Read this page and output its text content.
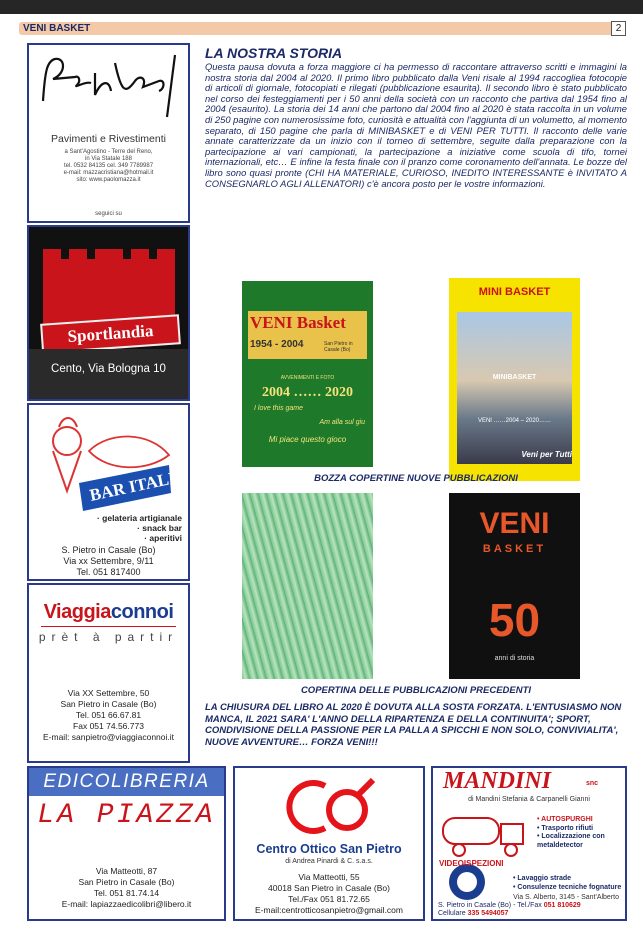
VENI BASKET	2
PaoloMazza
Pavimenti e Rivestimenti
a Sant'Agostino - Terre del Reno,
in Via Statale 188
tel. 0532 84135 cel. 349 7789987
e-mail: mazzacristiana@hotmail.it
sito: www.paolomazza.it
seguici su
Sportlandia
Cento, Via Bologna 10
BAR ITALIA
· gelateria artigianale
· snack bar
· aperitivi
S. Pietro in Casale (Bo)
Via xx Settembre, 9/11
Tel. 051 817400
Viaggiaconnoi
prèt à partir
Via XX Settembre, 50
San Pietro in Casale (Bo)
Tel. 051 66.67.81
Fax 051 74.56.773
E-mail: sanpietro@viaggiaconnoi.it
LA NOSTRA STORIA
Questa pausa dovuta a forza maggiore ci ha permesso di raccontare attraverso scritti e immagini la nostra storia dal 2004 al 2020. Il primo libro pubblicato dalla Veni risale al 1994 raccogliea fotocopie di articoli di giornale, fotocopiati e rilegati (pubblicazione esaurita). Il secondo libro è stato pubblicato nel corso dei festeggiamenti per i 50 anni della società con un racconto che partiva dal 1954 fino al 2004 (esaurito). La storia dei 14 anni che partono dal 2004 fino al 2020 è stata raccolta in un volume di 250 pagine con numerosissime foto, curiosità e attualità con l'aggiunta di un volumetto, al momento separato, di 150 pagine che parla di MINIBASKET e di VENI PER TUTTI. Il racconto delle varie annate caratterizzate da un inizio con il torneo di settembre, seguite dalla preparazione con la partecipazione ai vari campionati, la partecipazione a iniziative come scuola di tifo, tornei internazionali, etc… E infine la festa finale con il pranzo come coronamento dell'annata. Le bozze del libro sono quasi pronte (CHI HA MATERIALE, CURIOSO, INEDITO INTERESSANTE è INVITATO A CONSEGNARLO AGLI ALLENATORI) c'è ancora posto per le vostre informazioni.
VENI Basket
1954 - 2004	San Pietro in Casale (Bo)
AVVENIMENTI E FOTO
2004 …… 2020
I love this game
Am alla sul giu
Mi piace questo gioco
MINI BASKET
MINIBASKET
VENI ……2004 – 2020……
Veni per Tutti
BOZZA COPERTINE NUOVE PUBBLICAZIONI
VENI
BASKET
50
anni di storia
COPERTINA DELLE PUBBLICAZIONI PRECEDENTI
LA CHIUSURA DEL LIBRO AL 2020 È DOVUTA ALLA SOSTA FORZATA. L'ENTUSIASMO NON MANCA, IL 2021 SARA' L'ANNO DELLA RIPARTENZA E DELLA CONTINUITA'; SPORT, CONDIVISIONE DELLA PASSIONE PER LA PALLA A SPICCHI E NON SOLO, CONVIVIALITA', NUOVE AVVENTURE… FORZA VENI!!!
EDICOLIBRERIA
LA PIAZZA
Via Matteotti, 87
San Pietro in Casale (Bo)
Tel. 051 81.74.14
E-mail: lapiazzaedicolibri@libero.it
Centro Ottico San Pietro
di Andrea Pinardi & C. s.a.s.
Via Matteotti, 55
40018 San Pietro in Casale (Bo)
Tel./Fax 051 81.72.65
E-mail:centrotticosanpietro@gmail.com
MANDINI	snc
di Mandini Stefania & Carpanelli Gianni
• AUTOSPURGHI
• Trasporto rifiuti
• Localizzazione con
metaldetector
VIDEOISPEZIONI
• Lavaggio strade
• Consulenze tecniche fognature
Via S. Alberto, 3145 - Sant'Alberto
S. Pietro in Casale (Bo) - Tel./Fax 051 810629
Cellulare 335 5494057
